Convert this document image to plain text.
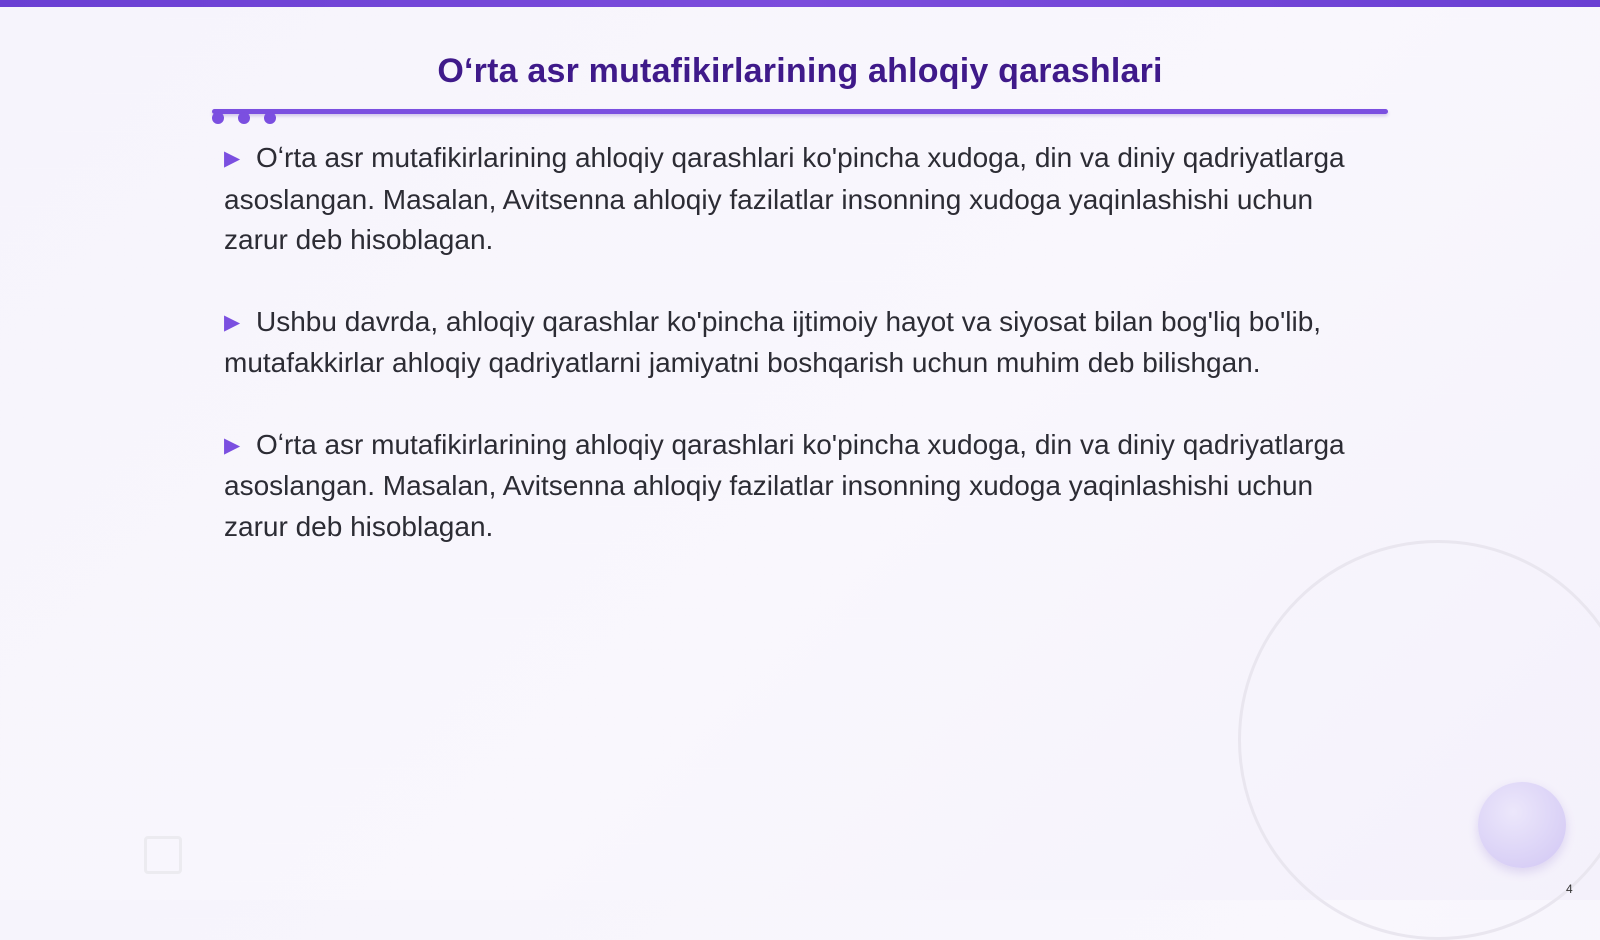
Oʻrta asr mutafikirlarining ahloqiy qarashlari

▶ Oʻrta asr mutafikirlarining ahloqiy qarashlari ko'pincha xudoga, din va diniy qadriyatlarga asoslangan. Masalan, Avitsenna ahloqiy fazilatlar insonning xudoga yaqinlashishi uchun zarur deb hisoblagan.

▶ Ushbu davrda, ahloqiy qarashlar ko'pincha ijtimoiy hayot va siyosat bilan bog'liq bo'lib, mutafakkirlar ahloqiy qadriyatlarni jamiyatni boshqarish uchun muhim deb bilishgan.

▶ Oʻrta asr mutafikirlarining ahloqiy qarashlari ko'pincha xudoga, din va diniy qadriyatlarga asoslangan. Masalan, Avitsenna ahloqiy fazilatlar insonning xudoga yaqinlashishi uchun zarur deb hisoblagan.

4
